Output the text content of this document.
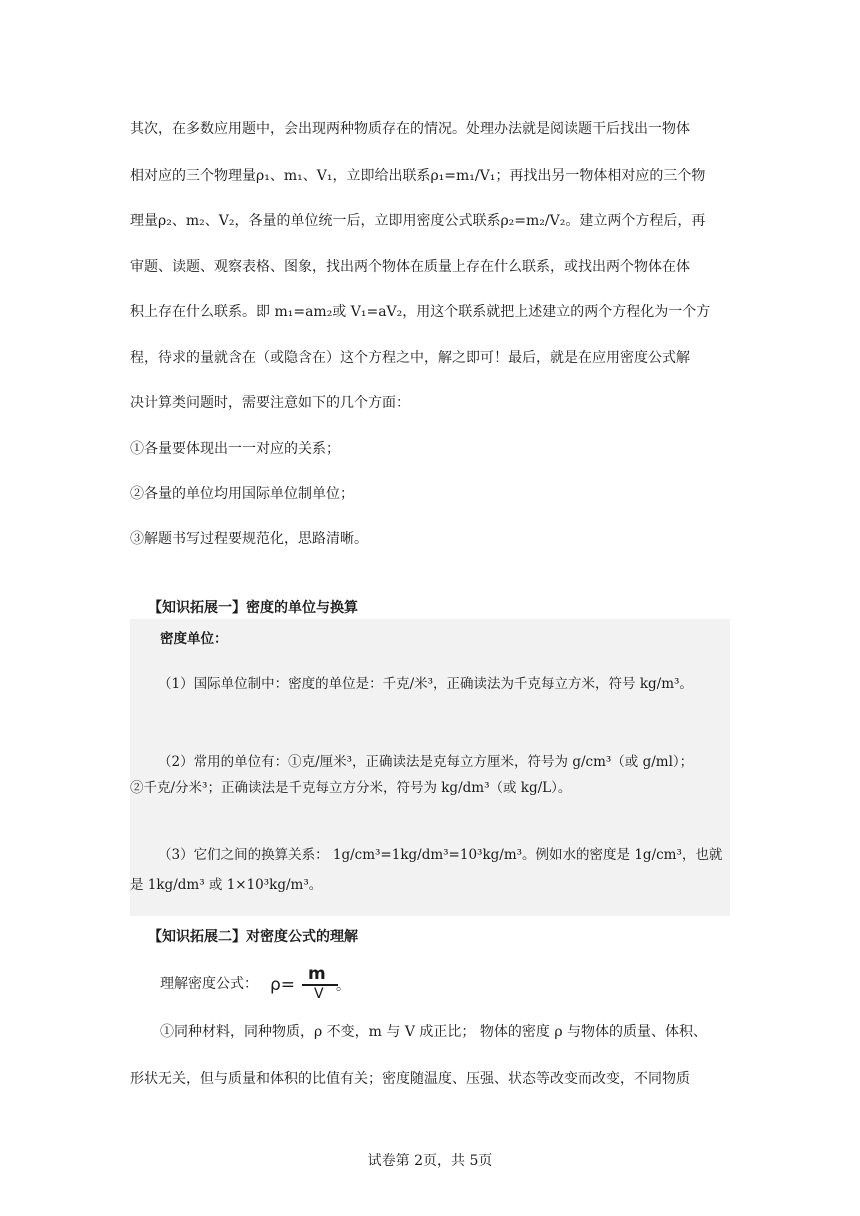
其次，在多数应用题中，会出现两种物质存在的情况。处理办法就是阅读题干后找出一物体
相对应的三个物理量ρ₁、m₁、V₁，立即给出联系ρ₁=m₁/V₁；再找出另一物体相对应的三个物
理量ρ₂、m₂、V₂，各量的单位统一后，立即用密度公式联系ρ₂=m₂/V₂。建立两个方程后，再
审题、读题、观察表格、图象，找出两个物体在质量上存在什么联系，或找出两个物体在体
积上存在什么联系。即 m₁=am₂或 V₁=aV₂，用这个联系就把上述建立的两个方程化为一个方
程，待求的量就含在（或隐含在）这个方程之中，解之即可！最后，就是在应用密度公式解
决计算类问题时，需要注意如下的几个方面：
①各量要体现出一一对应的关系；
②各量的单位均用国际单位制单位；
③解题书写过程要规范化，思路清晰。
【知识拓展一】密度的单位与换算
密度单位：
（1）国际单位制中：密度的单位是：千克/米³，正确读法为千克每立方米，符号 kg/m³。
（2）常用的单位有：①克/厘米³，正确读法是克每立方厘米，符号为 g/cm³（或 g/ml）；
②千克/分米³；正确读法是千克每立方分米，符号为 kg/dm³（或 kg/L）。
（3）它们之间的换算关系： 1g/cm³=1kg/dm³=10³kg/m³。例如水的密度是 1g/cm³，也就
是 1kg/dm³ 或 1×10³kg/m³。
【知识拓展二】对密度公式的理解
理解密度公式：
①同种材料，同种物质，ρ 不变，m 与 V 成正比； 物体的密度 ρ 与物体的质量、体积、
形状无关，但与质量和体积的比值有关；密度随温度、压强、状态等改变而改变，不同物质
ρ=
m
V 。
试卷第 2页，共 5页
